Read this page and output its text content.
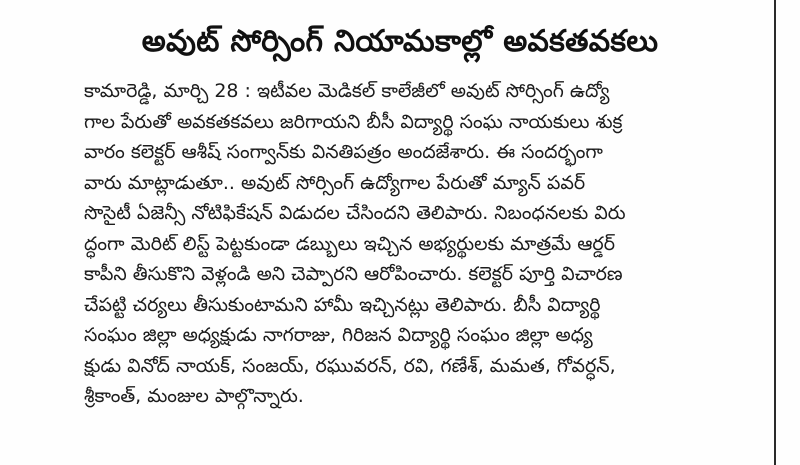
అవుట్‌ సోర్సింగ్‌ నియామకాల్లో అవకతవకలు
కామారెడ్డి, మార్చి 28 : ఇటీవల మెడికల్‌ కాలేజీలో అవుట్‌ సోర్సింగ్‌ ఉద్యో
గాల పేరుతో అవకతకవలు జరిగాయని బీసీ విద్యార్థి సంఘ నాయకులు శుక్ర
వారం కలెక్టర్‌ ఆశీష్‌ సంగ్వాన్‌కు వినతిపత్రం అందజేశారు. ఈ సందర్భంగా
వారు మాట్లాడుతూ.. అవుట్‌ సోర్సింగ్‌ ఉద్యోగాల పేరుతో మ్యాన్‌ పవర్‌
సొసైటీ ఏజెన్సీ నోటిఫికేషన్‌ విడుదల చేసిందని తెలిపారు. నిబంధనలకు విరు
ద్ధంగా మెరిట్‌ లిస్ట్‌ పెట్టకుండా డబ్బులు ఇచ్చిన అభ్యర్థులకు మాత్రమే ఆర్డర్‌
కాపీని తీసుకొని వెళ్లండి అని చెప్పారని ఆరోపించారు. కలెక్టర్‌ పూర్తి విచారణ
చేపట్టి చర్యలు తీసుకుంటామని హామీ ఇచ్చినట్లు తెలిపారు. బీసీ విద్యార్థి
సంఘం జిల్లా అధ్యక్షుడు నాగరాజు, గిరిజన విద్యార్థి సంఘం జిల్లా అధ్య
క్షుడు వినోద్‌ నాయక్‌, సంజయ్‌, రఘువరన్‌, రవి, గణేశ్‌, మమత, గోవర్ధన్‌,
శ్రీకాంత్‌, మంజుల పాల్గొన్నారు.
